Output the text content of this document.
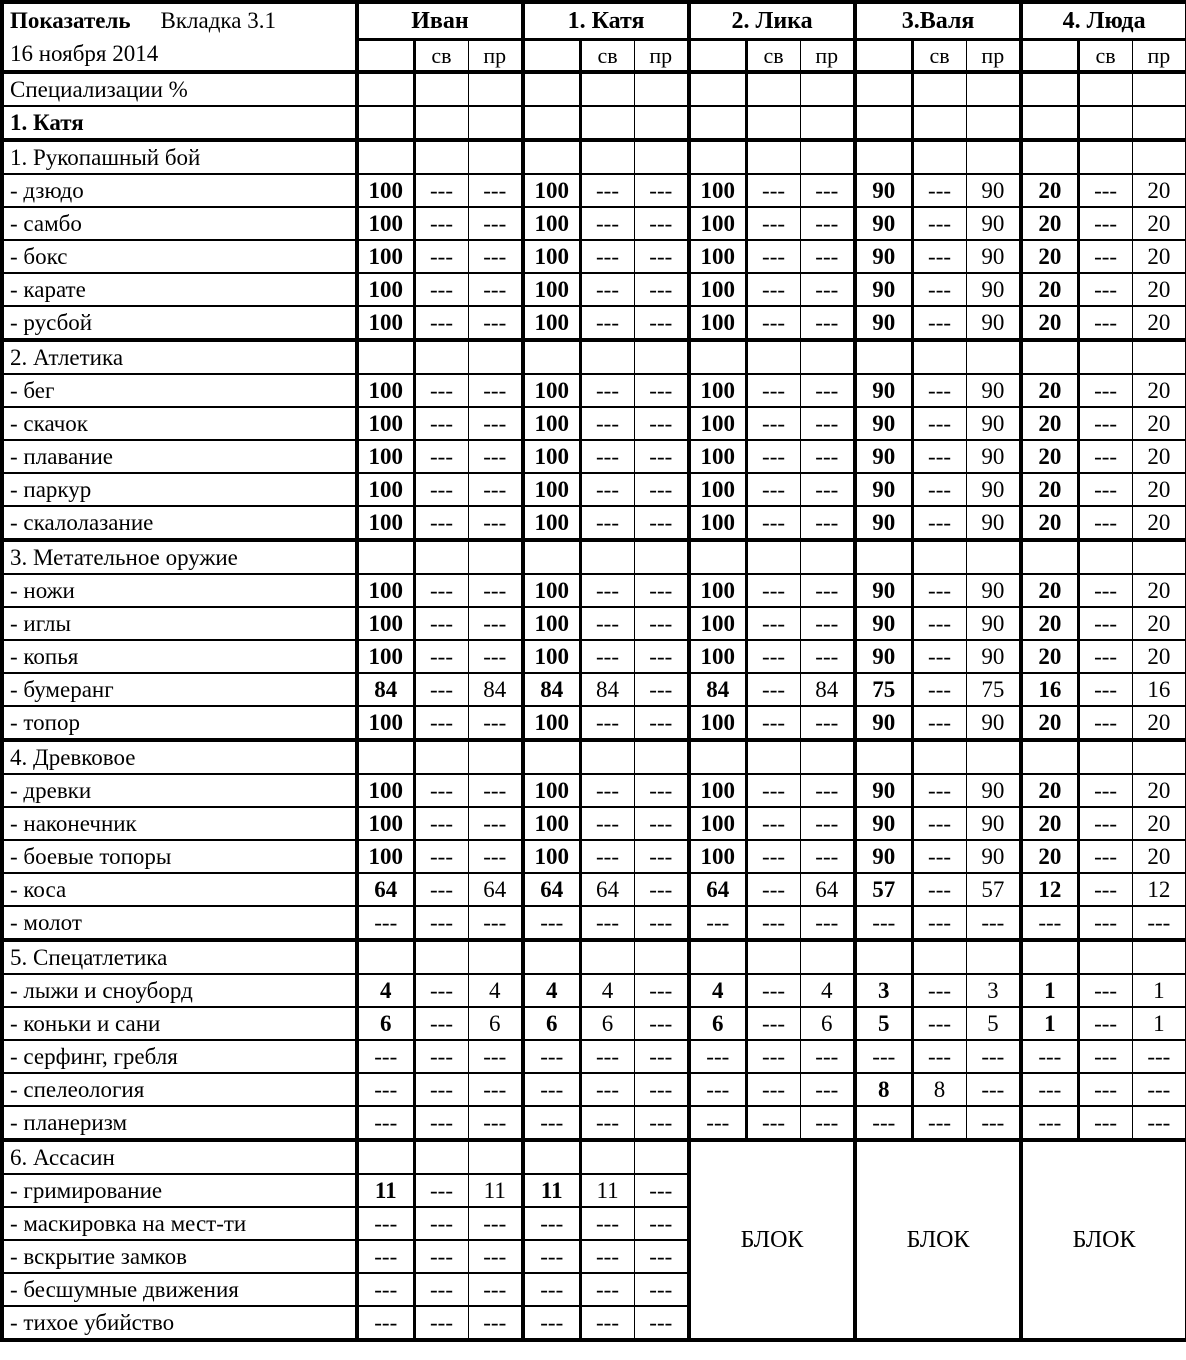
Показатель Вкладка 3.1
16 ноября 2014	Иван			1. Катя			2. Лика			3.Валя			4. Люда		
		св	пр		св	пр		св	пр		св	пр		св	пр
Специализации %															
1. Катя															
1. Рукопашный бой															
- дзюдо	100	---	---	100	---	---	100	---	---	90	---	90	20	---	20
- самбо	100	---	---	100	---	---	100	---	---	90	---	90	20	---	20
- бокс	100	---	---	100	---	---	100	---	---	90	---	90	20	---	20
- карате	100	---	---	100	---	---	100	---	---	90	---	90	20	---	20
- русбой	100	---	---	100	---	---	100	---	---	90	---	90	20	---	20
2. Атлетика															
- бег	100	---	---	100	---	---	100	---	---	90	---	90	20	---	20
- скачок	100	---	---	100	---	---	100	---	---	90	---	90	20	---	20
- плавание	100	---	---	100	---	---	100	---	---	90	---	90	20	---	20
- паркур	100	---	---	100	---	---	100	---	---	90	---	90	20	---	20
- скалолазание	100	---	---	100	---	---	100	---	---	90	---	90	20	---	20
3. Метательное оружие															
- ножи	100	---	---	100	---	---	100	---	---	90	---	90	20	---	20
- иглы	100	---	---	100	---	---	100	---	---	90	---	90	20	---	20
- копья	100	---	---	100	---	---	100	---	---	90	---	90	20	---	20
- бумеранг	84	---	84	84	84	---	84	---	84	75	---	75	16	---	16
- топор	100	---	---	100	---	---	100	---	---	90	---	90	20	---	20
4. Древковое															
- древки	100	---	---	100	---	---	100	---	---	90	---	90	20	---	20
- наконечник	100	---	---	100	---	---	100	---	---	90	---	90	20	---	20
- боевые топоры	100	---	---	100	---	---	100	---	---	90	---	90	20	---	20
- коса	64	---	64	64	64	---	64	---	64	57	---	57	12	---	12
- молот	---	---	---	---	---	---	---	---	---	---	---	---	---	---	---
5. Спецатлетика															
- лыжи и сноуборд	4	---	4	4	4	---	4	---	4	3	---	3	1	---	1
- коньки и сани	6	---	6	6	6	---	6	---	6	5	---	5	1	---	1
- серфинг, гребля	---	---	---	---	---	---	---	---	---	---	---	---	---	---	---
- спелеология	---	---	---	---	---	---	---	---	---	8	8	---	---	---	---
- планеризм	---	---	---	---	---	---	---	---	---	---	---	---	---	---	---
6. Ассасин							БЛОК			БЛОК			БЛОК		
- гримирование	11	---	11	11	11	---									
- маскировка на мест-ти	---	---	---	---	---	---									
- вскрытие замков	---	---	---	---	---	---									
- бесшумные движения	---	---	---	---	---	---									
- тихое убийство	---	---	---	---	---	---									
